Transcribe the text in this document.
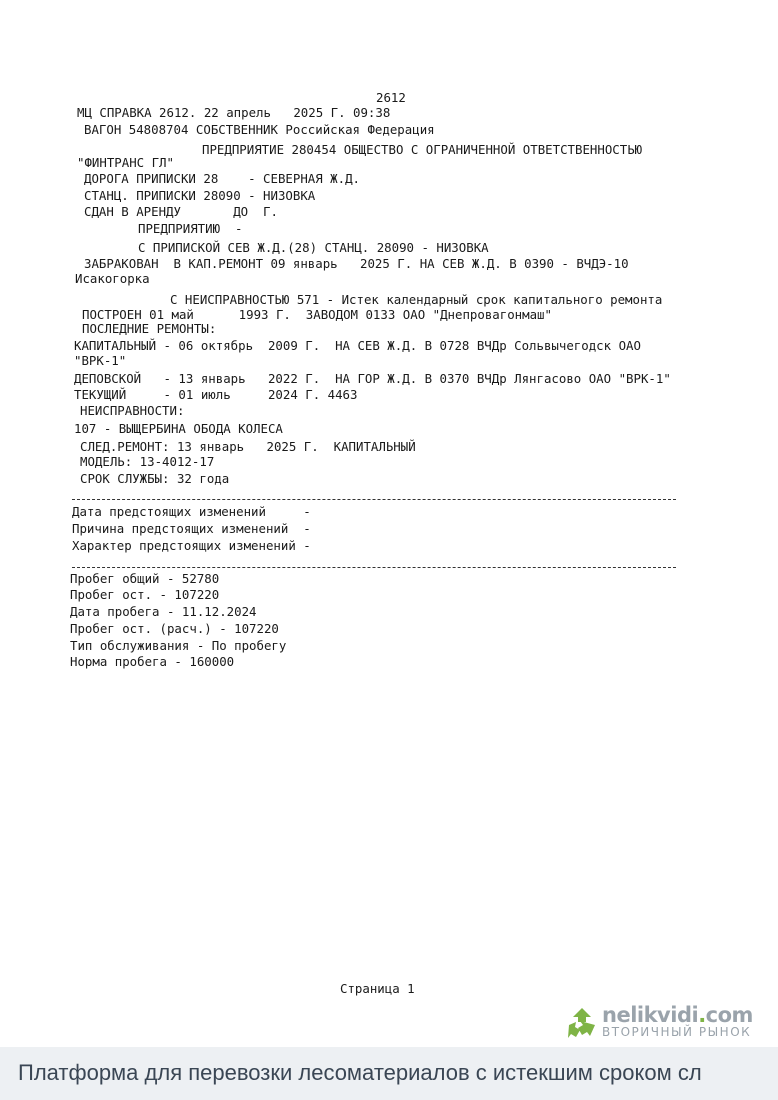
2612
МЦ СПРАВКА 2612. 22 апрель   2025 Г. 09:38
ВАГОН 54808704 СОБСТВЕННИК Российская Федерация
ПРЕДПРИЯТИЕ 280454 ОБЩЕСТВО С ОГРАНИЧЕННОЙ ОТВЕТСТВЕННОСТЬЮ
"ФИНТРАНС ГЛ"
ДОРОГА ПРИПИСКИ 28    - СЕВЕРНАЯ Ж.Д.
СТАНЦ. ПРИПИСКИ 28090 - НИЗОВКА
СДАН В АРЕНДУ       ДО  Г.
ПРЕДПРИЯТИЮ  -
С ПРИПИСКОЙ СЕВ Ж.Д.(28) СТАНЦ. 28090 - НИЗОВКА
ЗАБРАКОВАН  В КАП.РЕМОНТ 09 январь   2025 Г. НА СЕВ Ж.Д. В 0390 - ВЧДЭ-10
Исакогорка
С НЕИСПРАВНОСТЬЮ 571 - Истек календарный срок капитального ремонта
ПОСТРОЕН 01 май      1993 Г.  ЗАВОДОМ 0133 ОАО "Днепровагонмаш"
ПОСЛЕДНИЕ РЕМОНТЫ:
КАПИТАЛЬНЫЙ - 06 октябрь  2009 Г.  НА СЕВ Ж.Д. В 0728 ВЧДр Сольвычегодск ОАО
"ВРК-1"
ДЕПОВСКОЙ   - 13 январь   2022 Г.  НА ГОР Ж.Д. В 0370 ВЧДр Лянгасово ОАО "ВРК-1"
ТЕКУЩИЙ     - 01 июль     2024 Г. 4463
НЕИСПРАВНОСТИ:
107 - ВЫЩЕРБИНА ОБОДА КОЛЕСА
СЛЕД.РЕМОНТ: 13 январь   2025 Г.  КАПИТАЛЬНЫЙ
МОДЕЛЬ: 13-4012-17
СРОК СЛУЖБЫ: 32 года
Дата предстоящих изменений     -
Причина предстоящих изменений  -
Характер предстоящих изменений -
Пробег общий - 52780
Пробег ост. - 107220
Дата пробега - 11.12.2024
Пробег ост. (расч.) - 107220
Тип обслуживания - По пробегу
Норма пробега - 160000
Страница 1
nelikvidi.com
ВТОРИЧНЫЙ РЫНОК
Платформа для перевозки лесоматериалов с истекшим сроком сл
